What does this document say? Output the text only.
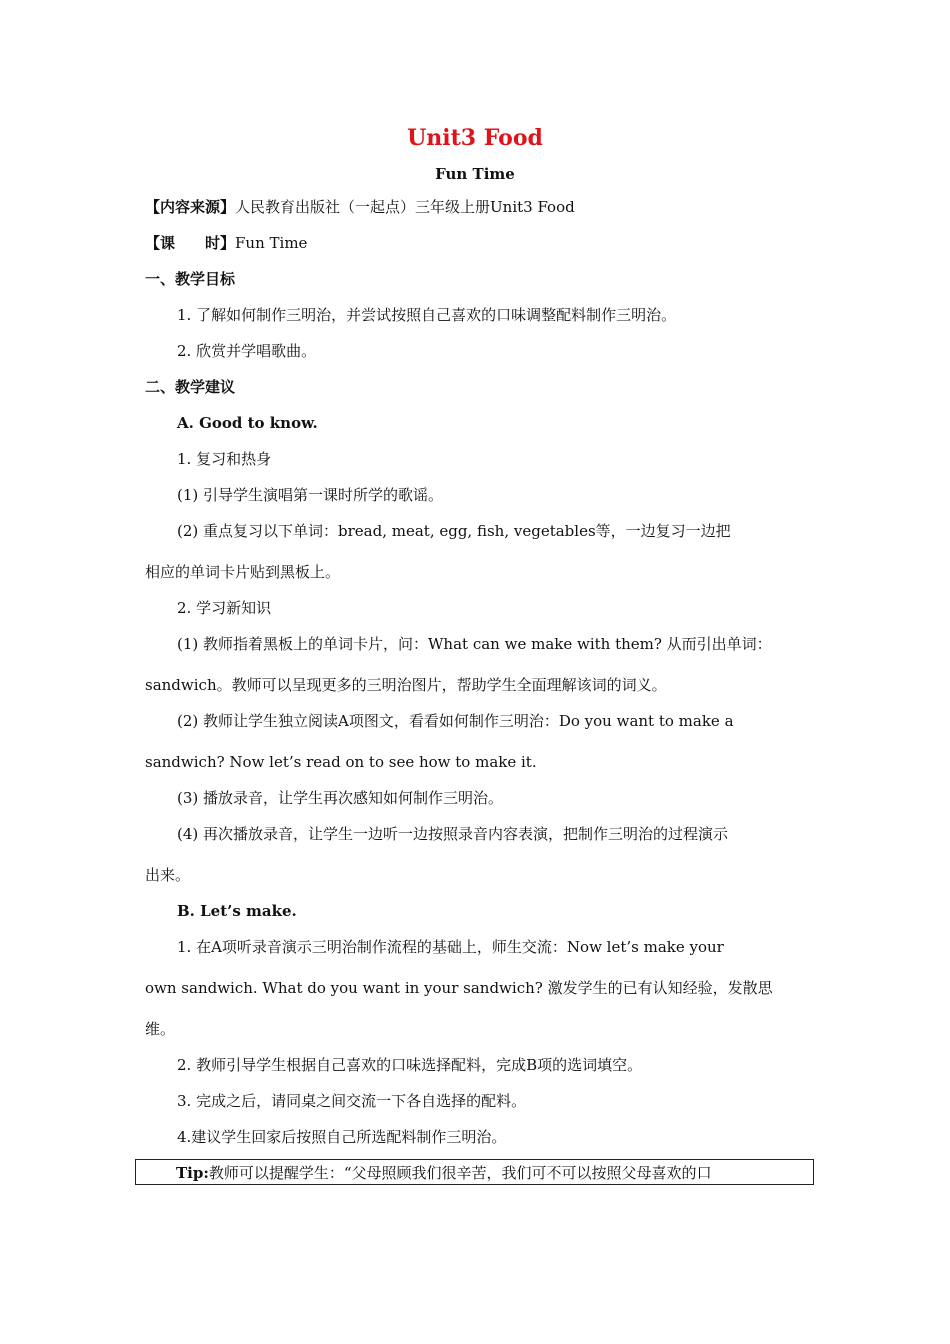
Unit3 Food
Fun Time
【内容来源】人民教育出版社（一起点）三年级上册Unit3 Food
【课　　时】Fun Time
一、教学目标
1. 了解如何制作三明治，并尝试按照自己喜欢的口味调整配料制作三明治。
2. 欣赏并学唱歌曲。
二、教学建议
A. Good to know.
1. 复习和热身
(1) 引导学生演唱第一课时所学的歌谣。
(2) 重点复习以下单词：bread, meat, egg, fish, vegetables等，一边复习一边把
相应的单词卡片贴到黑板上。
2. 学习新知识
(1) 教师指着黑板上的单词卡片，问：What can we make with them? 从而引出单词：
sandwich。教师可以呈现更多的三明治图片，帮助学生全面理解该词的词义。
(2) 教师让学生独立阅读A项图文，看看如何制作三明治：Do you want to make a
sandwich? Now let’s read on to see how to make it.
(3) 播放录音，让学生再次感知如何制作三明治。
(4) 再次播放录音，让学生一边听一边按照录音内容表演，把制作三明治的过程演示
出来。
B. Let’s make.
1. 在A项听录音演示三明治制作流程的基础上，师生交流：Now let’s make your
own sandwich. What do you want in your sandwich? 激发学生的已有认知经验，发散思
维。
2. 教师引导学生根据自己喜欢的口味选择配料，完成B项的选词填空。
3. 完成之后，请同桌之间交流一下各自选择的配料。
4.建议学生回家后按照自己所选配料制作三明治。
Tip:教师可以提醒学生：“父母照顾我们很辛苦，我们可不可以按照父母喜欢的口
